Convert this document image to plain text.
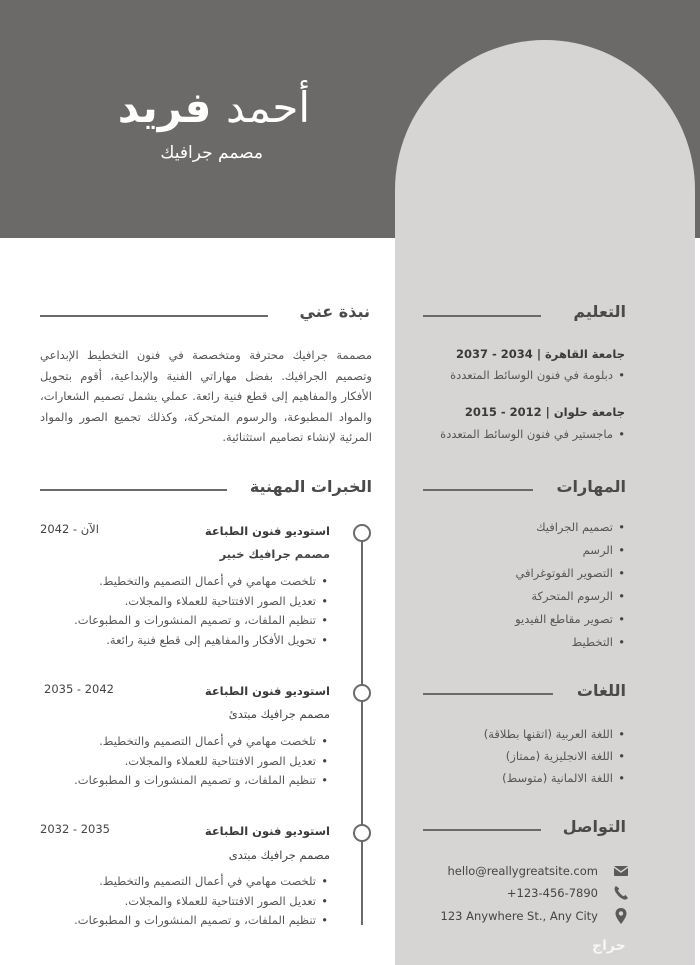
أحمد فريد
مصمم جرافيك
نبذة عني
مصممة جرافيك محترفة ومتخصصة في فنون التخطيط الإبداعي وتصميم الجرافيك. بفضل مهاراتي الفنية والإبداعية، أقوم بتحويل الأفكار والمفاهيم إلى قطع فنية رائعة. عملي يشمل تصميم الشعارات، والمواد المطبوعة، والرسوم المتحركة، وكذلك تجميع الصور والمواد المرئية لإنشاء تصاميم استثنائية.
التعليم
جامعة القاهرة | 2034 - 2037
• دبلومة في فنون الوسائط المتعددة
جامعة حلوان | 2012 - 2015
• ماجستير في فنون الوسائط المتعددة
المهارات
• تصميم الجرافيك
• الرسم
• التصوير الفوتوغرافي
• الرسوم المتحركة
• تصوير مقاطع الفيديو
• التخطيط
اللغات
• اللغة العربية (اتقنها بطلاقة)
• اللغة الانجليزية (ممتاز)
• اللغة الالمانية (متوسط)
التواصل
hello@reallygreatsite.com
+123-456-7890
123 Anywhere St., Any City
الخبرات المهنية
استوديو فنون الطباعة
2042 - الآن
مصمم جرافيك خبير
• تلخصت مهامي في أعمال التصميم والتخطيط.
• تعديل الصور الافتتاحية للعملاء والمجلات.
• تنظيم الملفات، و تصميم المنشورات و المطبوعات.
• تحويل الأفكار والمفاهيم إلى قطع فنية رائعة.
استوديو فنون الطباعة
2035 - 2042
مصمم جرافيك مبتدئ
• تلخصت مهامي في أعمال التصميم والتخطيط.
• تعديل الصور الافتتاحية للعملاء والمجلات.
• تنظيم الملفات، و تصميم المنشورات و المطبوعات.
استوديو فنون الطباعة
2032 - 2035
مصمم جرافيك مبتدى
• تلخصت مهامي في أعمال التصميم والتخطيط.
• تعديل الصور الافتتاحية للعملاء والمجلات.
• تنظيم الملفات، و تصميم المنشورات و المطبوعات.
حراج
